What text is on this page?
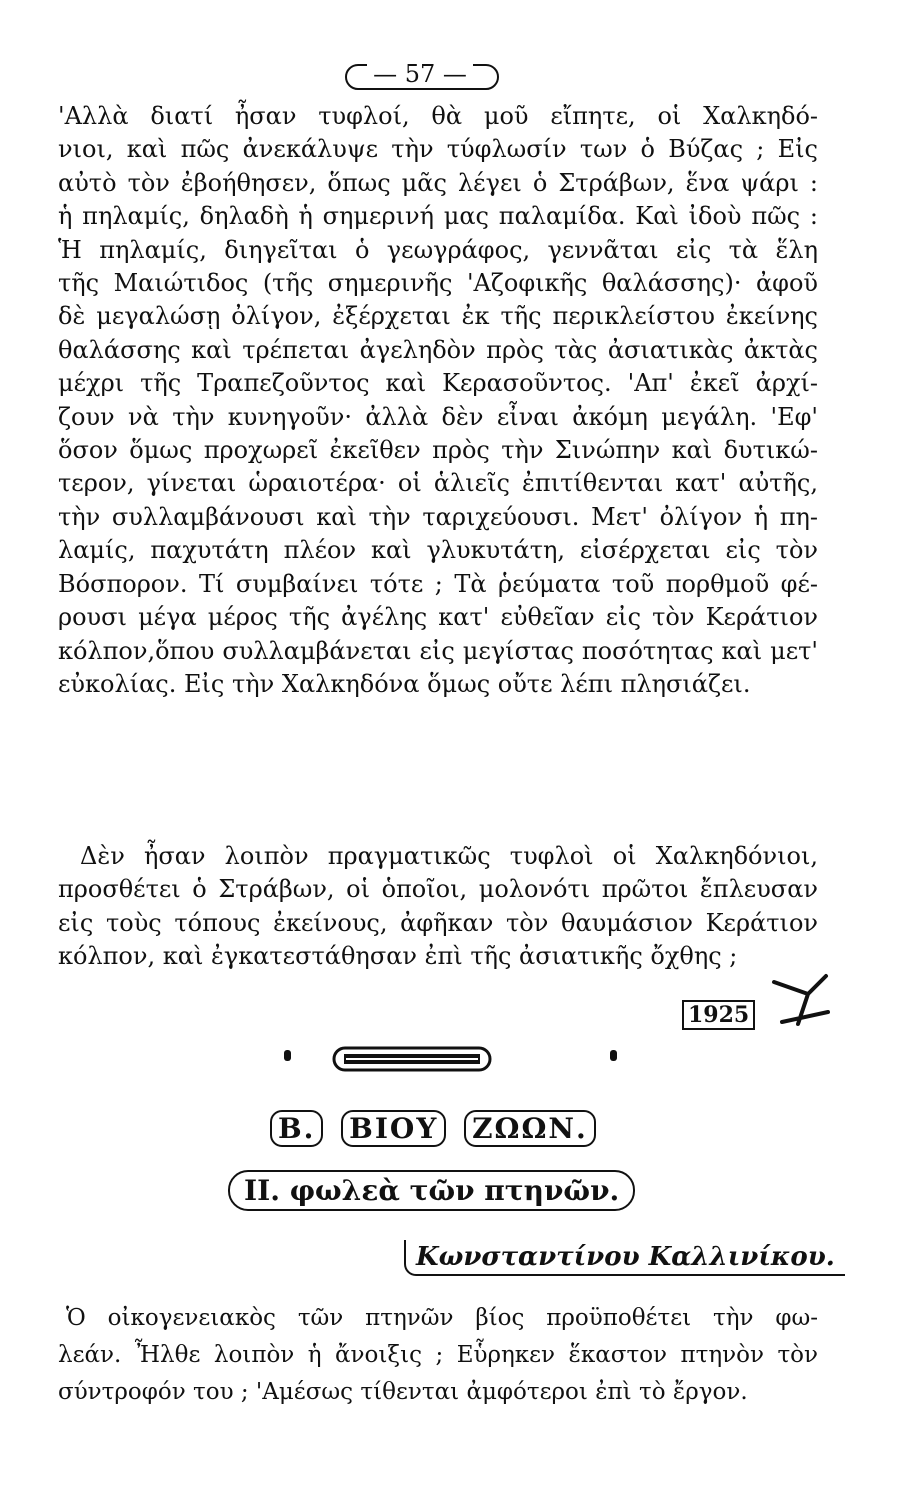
— 57 —
'Αλλὰ διατί ἦσαν τυφλοί, θὰ μοῦ εἴπητε, οἱ Χαλκηδό-
νιοι, καὶ πῶς ἀνεκάλυψε τὴν τύφλωσίν των ὁ Βύζας ; Εἰς
αὐτὸ τὸν ἐβοήθησεν, ὅπως μᾶς λέγει ὁ Στράβων, ἕνα ψάρι :
ἡ πηλαμίς, δηλαδὴ ἡ σημερινή μας παλαμίδα. Καὶ ἰδοὺ πῶς :
Ἡ πηλαμίς, διηγεῖται ὁ γεωγράφος, γεννᾶται εἰς τὰ ἕλη
τῆς Μαιώτιδος (τῆς σημερινῆς 'Αζοφικῆς θαλάσσης)· ἀφοῦ
δὲ μεγαλώσῃ ὀλίγον, ἐξέρχεται ἐκ τῆς περικλείστου ἐκείνης
θαλάσσης καὶ τρέπεται ἀγεληδὸν πρὸς τὰς ἀσιατικὰς ἀκτὰς
μέχρι τῆς Τραπεζοῦντος καὶ Κερασοῦντος. 'Απ' ἐκεῖ ἀρχί-
ζουν νὰ τὴν κυνηγοῦν· ἀλλὰ δὲν εἶναι ἀκόμη μεγάλη. 'Εφ'
ὅσον ὅμως προχωρεῖ ἐκεῖθεν πρὸς τὴν Σινώπην καὶ δυτικώ-
τερον, γίνεται ὡραιοτέρα· οἱ ἁλιεῖς ἐπιτίθενται κατ' αὐτῆς,
τὴν συλλαμβάνουσι καὶ τὴν ταριχεύουσι. Μετ' ὀλίγον ἡ πη-
λαμίς, παχυτάτη πλέον καὶ γλυκυτάτη, εἰσέρχεται εἰς τὸν
Βόσπορον. Τί συμβαίνει τότε ; Τὰ ῥεύματα τοῦ πορθμοῦ φέ-
ρουσι μέγα μέρος τῆς ἀγέλης κατ' εὐθεῖαν εἰς τὸν Κεράτιον
κόλπον,ὅπου συλλαμβάνεται εἰς μεγίστας ποσότητας καὶ μετ'
εὐκολίας. Εἰς τὴν Χαλκηδόνα ὅμως οὔτε λέπι πλησιάζει.
Δὲν ἦσαν λοιπὸν πραγματικῶς τυφλοὶ οἱ Χαλκηδόνιοι,
προσθέτει ὁ Στράβων, οἱ ὁποῖοι, μολονότι πρῶτοι ἔπλευσαν
εἰς τοὺς τόπους ἐκείνους, ἀφῆκαν τὸν θαυμάσιον Κεράτιον
κόλπον, καὶ ἐγκατεστάθησαν ἐπὶ τῆς ἀσιατικῆς ὄχθης ;
1925
Β. ΒΙΟΥ ΖΩΩΝ.
ΙΙ. φωλεὰ τῶν πτηνῶν.
Κωνσταντίνου Καλλινίκου.
Ὁ οἰκογενειακὸς τῶν πτηνῶν βίος προϋποθέτει τὴν φω-
λεάν. Ἦλθε λοιπὸν ἡ ἄνοιξις ; Εὗρηκεν ἕκαστον πτηνὸν τὸν
σύντροφόν του ; 'Αμέσως τίθενται ἀμφότεροι ἐπὶ τὸ ἔργον.
